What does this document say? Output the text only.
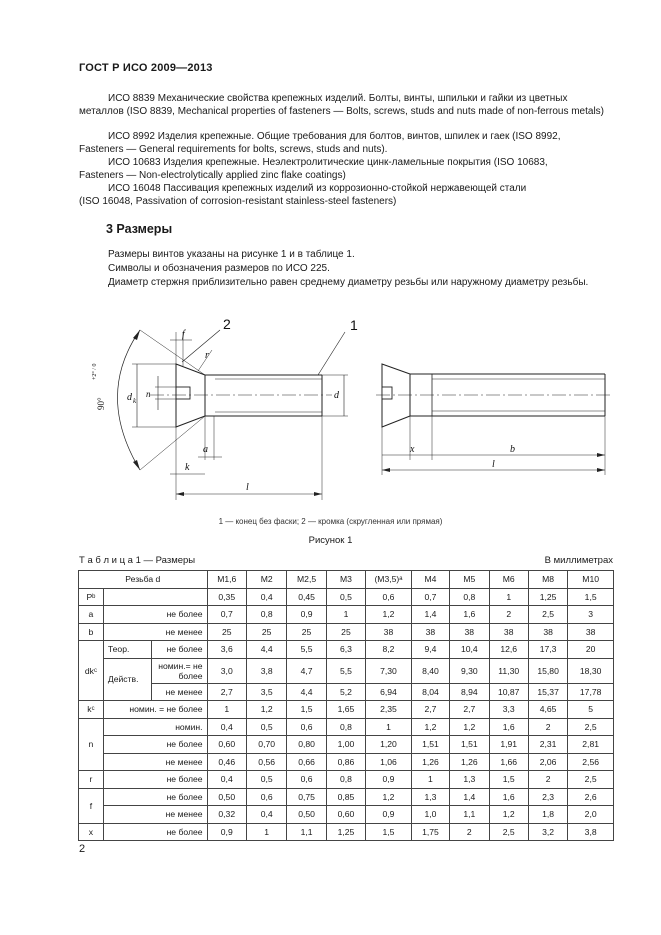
ГОСТ Р ИСО 2009—2013
ИСО 8839 Механические свойства крепежных изделий. Болты, винты, шпильки и гайки из цветных
металлов (ISO 8839, Mechanical properties of fasteners — Bolts, screws, studs and nuts made of non-ferrous metals)
ИСО 8992 Изделия крепежные. Общие требования для болтов, винтов, шпилек и гаек (ISO 8992,
Fasteners — General requirements for bolts, screws, studs and nuts).
ИСО 10683 Изделия крепежные. Неэлектролитические цинк-ламельные покрытия (ISO 10683,
Fasteners — Non-electrolytically applied zinc flake coatings)
ИСО 16048 Пассивация крепежных изделий из коррозионно-стойкой нержавеющей стали
(ISO 16048, Passivation of corrosion-resistant stainless-steel fasteners)
3 Размеры
Размеры винтов указаны на рисунке 1 и в таблице 1.
Символы и обозначения размеров по ИСО 225.
Диаметр стержня приблизительно равен среднему диаметру резьбы или наружному диаметру резьбы.
1
2
f
r
d k
n	d
a
k
l
b
l
x
90°
+2° / 0
1 — конец без фаски; 2 — кромка (скругленная или прямая)
Рисунок 1
Т а б л и ц а 1 — Размеры	В миллиметрах
Резьба d			M1,6	M2	M2,5	M3	(M3,5)ᵃ	M4	M5	M6	M8	M10
Pᵇ			0,35	0,4	0,45	0,5	0,6	0,7	0,8	1	1,25	1,5
a	не более		0,7	0,8	0,9	1	1,2	1,4	1,6	2	2,5	3
b	не менее		25	25	25	25	38	38	38	38	38	38
dkᶜ	Теор.	не более	3,6	4,4	5,5	6,3	8,2	9,4	10,4	12,6	17,3	20
	Действ.	номин.= не более	3,0	3,8	4,7	5,5	7,30	8,40	9,30	11,30	15,80	18,30
		не менее	2,7	3,5	4,4	5,2	6,94	8,04	8,94	10,87	15,37	17,78
kᶜ	номин. = не более		1	1,2	1,5	1,65	2,35	2,7	2,7	3,3	4,65	5
n	номин.		0,4	0,5	0,6	0,8	1	1,2	1,2	1,6	2	2,5
	не более		0,60	0,70	0,80	1,00	1,20	1,51	1,51	1,91	2,31	2,81
	не менее		0,46	0,56	0,66	0,86	1,06	1,26	1,26	1,66	2,06	2,56
r	не более		0,4	0,5	0,6	0,8	0,9	1	1,3	1,5	2	2,5
f	не более		0,50	0,6	0,75	0,85	1,2	1,3	1,4	1,6	2,3	2,6
	не менее		0,32	0,4	0,50	0,60	0,9	1,0	1,1	1,2	1,8	2,0
x	не более		0,9	1	1,1	1,25	1,5	1,75	2	2,5	3,2	3,8
2
